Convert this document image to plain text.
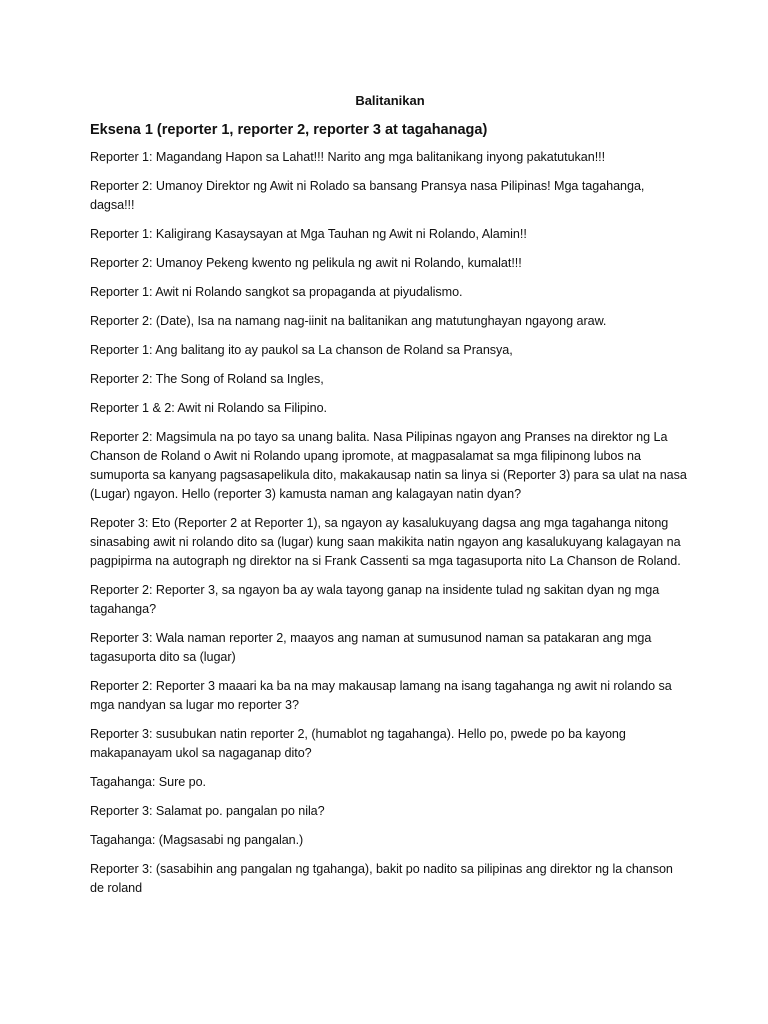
Balitanikan
Eksena 1 (reporter 1, reporter 2, reporter 3 at tagahanaga)
Reporter 1: Magandang Hapon sa Lahat!!! Narito ang mga balitanikang inyong pakatutukan!!!
Reporter 2: Umanoy Direktor ng Awit ni Rolado sa bansang Pransya nasa Pilipinas! Mga tagahanga, dagsa!!!
Reporter 1: Kaligirang Kasaysayan at Mga Tauhan ng Awit ni Rolando, Alamin!!
Reporter 2: Umanoy Pekeng kwento ng pelikula ng awit ni Rolando, kumalat!!!
Reporter 1: Awit ni Rolando sangkot sa propaganda at piyudalismo.
Reporter 2: (Date), Isa na namang nag-iinit na balitanikan ang matutunghayan ngayong araw.
Reporter 1: Ang balitang ito ay paukol sa La chanson de Roland sa Pransya,
Reporter 2: The Song of Roland sa Ingles,
Reporter 1 & 2: Awit ni Rolando sa Filipino.
Reporter 2: Magsimula na po tayo sa unang balita. Nasa Pilipinas ngayon ang Pranses na direktor ng La Chanson de Roland o Awit ni Rolando upang ipromote, at magpasalamat sa mga filipinong lubos na sumuporta sa kanyang pagsasapelikula dito, makakausap natin sa linya si (Reporter 3) para sa ulat na nasa (Lugar) ngayon. Hello (reporter 3) kamusta naman ang kalagayan natin dyan?
Repoter 3: Eto (Reporter 2 at Reporter 1), sa ngayon ay kasalukuyang dagsa ang mga tagahanga nitong sinasabing awit ni rolando dito sa (lugar) kung saan makikita natin ngayon ang kasalukuyang kalagayan na pagpipirma na autograph ng direktor na si Frank Cassenti sa mga tagasuporta nito La Chanson de Roland.
Reporter 2: Reporter 3, sa ngayon ba ay wala tayong ganap na insidente tulad ng sakitan dyan ng mga tagahanga?
Reporter 3: Wala naman reporter 2, maayos ang naman at sumusunod naman sa patakaran ang mga tagasuporta dito sa (lugar)
Reporter 2: Reporter 3 maaari ka ba na may makausap lamang na isang tagahanga ng awit ni rolando sa mga nandyan sa lugar mo reporter 3?
Reporter 3: susubukan natin reporter 2, (humablot ng tagahanga). Hello po, pwede po ba kayong makapanayam ukol sa nagaganap dito?
Tagahanga: Sure po.
Reporter 3: Salamat po. pangalan po nila?
Tagahanga: (Magsasabi ng pangalan.)
Reporter 3: (sasabihin ang pangalan ng tgahanga), bakit po nadito sa pilipinas ang direktor ng la chanson de roland
